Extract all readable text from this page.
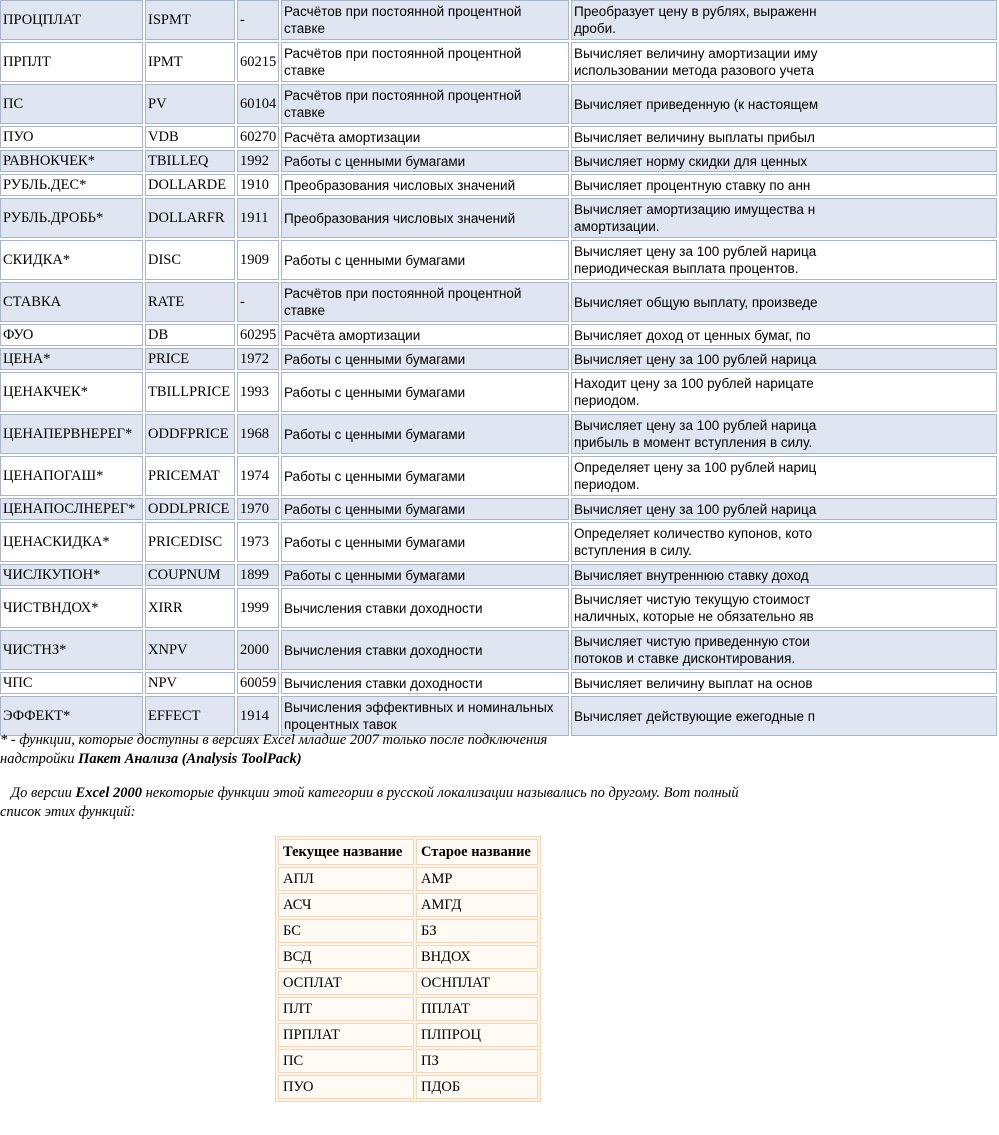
ПРОЦПЛАТ	ISPMT	-	Расчётов при постоянной процентной ставке	Преобразует цену в рублях, выраженн
дроби.
ПРПЛТ	IPMT	60215	Расчётов при постоянной процентной ставке	Вычисляет величину амортизации иму
использовании метода разового учета
ПС	PV	60104	Расчётов при постоянной процентной ставке	Вычисляет приведенную (к настоящем
ПУО	VDB	60270	Расчёта амортизации	Вычисляет величину выплаты прибыл
РАВНОКЧЕК*	TBILLEQ	1992	Работы с ценными бумагами	Вычисляет норму скидки для ценных
РУБЛЬ.ДЕС*	DOLLARDE	1910	Преобразования числовых значений	Вычисляет процентную ставку по анн
РУБЛЬ.ДРОБЬ*	DOLLARFR	1911	Преобразования числовых значений	Вычисляет амортизацию имущества н
амортизации.
СКИДКА*	DISC	1909	Работы с ценными бумагами	Вычисляет цену за 100 рублей нарица
периодическая выплата процентов.
СТАВКА	RATE	-	Расчётов при постоянной процентной ставке	Вычисляет общую выплату, произведе
ФУО	DB	60295	Расчёта амортизации	Вычисляет доход от ценных бумаг, по
ЦЕНА*	PRICE	1972	Работы с ценными бумагами	Вычисляет цену за 100 рублей нарица
ЦЕНАКЧЕК*	TBILLPRICE	1993	Работы с ценными бумагами	Находит цену за 100 рублей нарицате
периодом.
ЦЕНАПЕРВНЕРЕГ*	ODDFPRICE	1968	Работы с ценными бумагами	Вычисляет цену за 100 рублей нарица
прибыль в момент вступления в силу.
ЦЕНАПОГАШ*	PRICEMAT	1974	Работы с ценными бумагами	Определяет цену за 100 рублей нариц
периодом.
ЦЕНАПОСЛНЕРЕГ*	ODDLPRICE	1970	Работы с ценными бумагами	Вычисляет цену за 100 рублей нарица
ЦЕНАСКИДКА*	PRICEDISC	1973	Работы с ценными бумагами	Определяет количество купонов, кото
вступления в силу.
ЧИСЛКУПОН*	COUPNUM	1899	Работы с ценными бумагами	Вычисляет внутреннюю ставку доход
ЧИСТВНДОХ*	XIRR	1999	Вычисления ставки доходности	Вычисляет чистую текущую стоимост
наличных, которые не обязательно яв
ЧИСТНЗ*	XNPV	2000	Вычисления ставки доходности	Вычисляет чистую приведенную стои
потоков и ставке дисконтирования.
ЧПС	NPV	60059	Вычисления ставки доходности	Вычисляет величину выплат на основ
ЭФФЕКТ*	EFFECT	1914	Вычисления эффективных и номинальных процентных тавок	Вычисляет действующие ежегодные п
* - функции, которые доступны в версиях Excel младше 2007 только после подключения
надстройки Пакет Анализа (Analysis ToolPack)
До версии Excel 2000 некоторые функции этой категории в русской локализации назывались по другому. Вот полный
список этих функций:
Текущее название	Старое название
АПЛ	АМР
АСЧ	АМГД
БС	БЗ
ВСД	ВНДОХ
ОСПЛАТ	ОСНПЛАТ
ПЛТ	ППЛАТ
ПРПЛАТ	ПЛПРОЦ
ПС	ПЗ
ПУО	ПДОБ
